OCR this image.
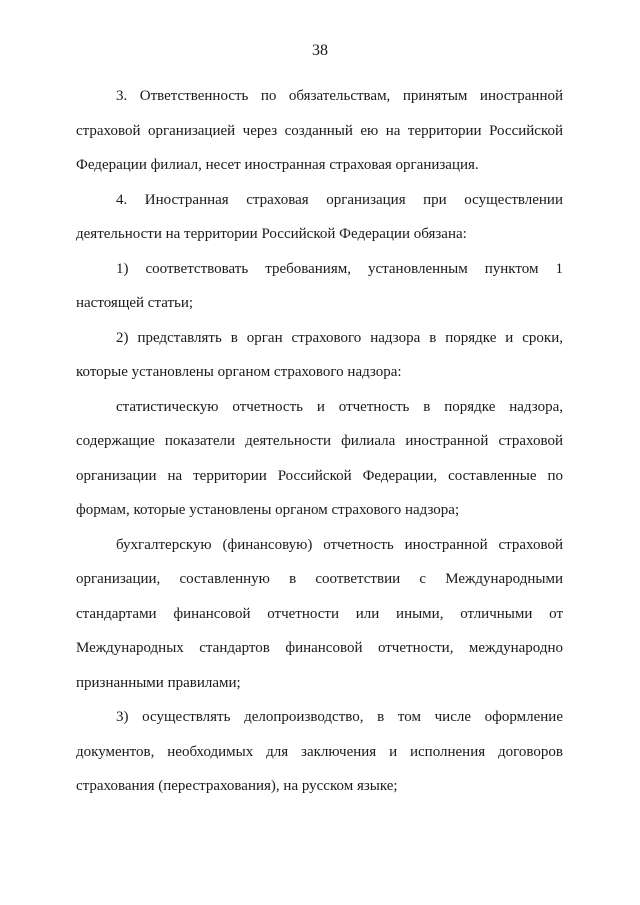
38

3. Ответственность по обязательствам, принятым иностранной страховой организацией через созданный ею на территории Российской Федерации филиал, несет иностранная страховая организация.

4. Иностранная страховая организация при осуществлении деятельности на территории Российской Федерации обязана:

1) соответствовать требованиям, установленным пунктом 1 настоящей статьи;

2) представлять в орган страхового надзора в порядке и сроки, которые установлены органом страхового надзора:

статистическую отчетность и отчетность в порядке надзора, содержащие показатели деятельности филиала иностранной страховой организации на территории Российской Федерации, составленные по формам, которые установлены органом страхового надзора;

бухгалтерскую (финансовую) отчетность иностранной страховой организации, составленную в соответствии с Международными стандартами финансовой отчетности или иными, отличными от Международных стандартов финансовой отчетности, международно признанными правилами;

3) осуществлять делопроизводство, в том числе оформление документов, необходимых для заключения и исполнения договоров страхования (перестрахования), на русском языке;
